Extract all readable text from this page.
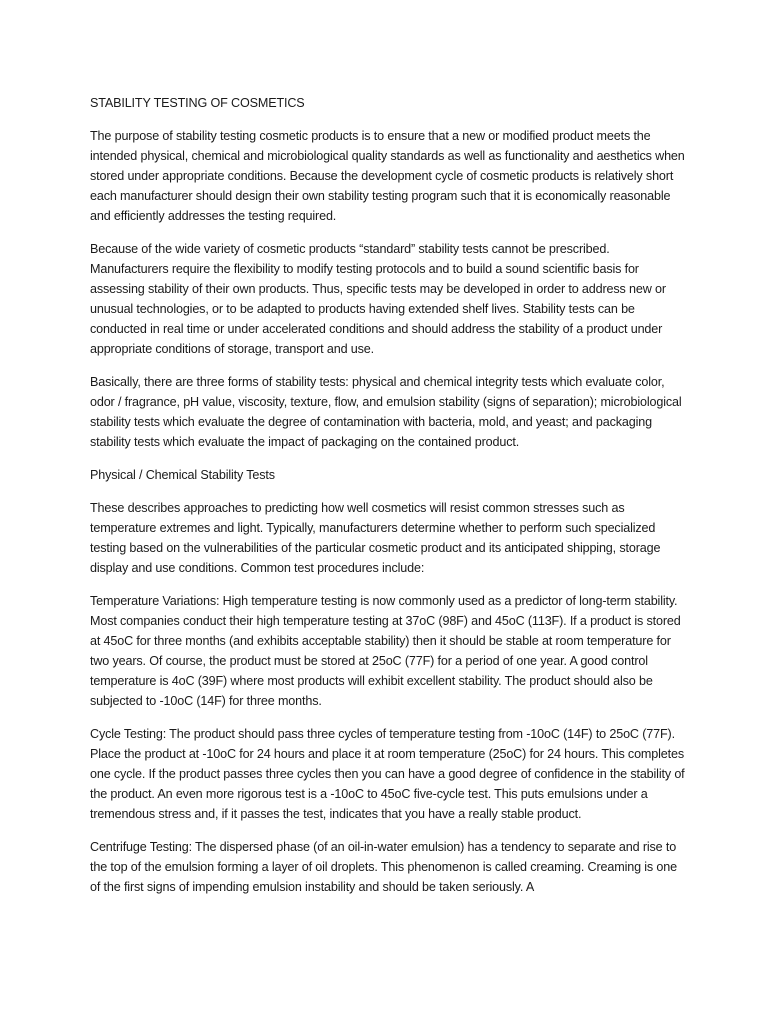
STABILITY TESTING OF COSMETICS

The purpose of stability testing cosmetic products is to ensure that a new or modified product meets the intended physical, chemical and microbiological quality standards as well as functionality and aesthetics when stored under appropriate conditions. Because the development cycle of cosmetic products is relatively short each manufacturer should design their own stability testing program such that it is economically reasonable and efficiently addresses the testing required.

Because of the wide variety of cosmetic products “standard” stability tests cannot be prescribed. Manufacturers require the flexibility to modify testing protocols and to build a sound scientific basis for assessing stability of their own products. Thus, specific tests may be developed in order to address new or unusual technologies, or to be adapted to products having extended shelf lives. Stability tests can be conducted in real time or under accelerated conditions and should address the stability of a product under appropriate conditions of storage, transport and use.

Basically, there are three forms of stability tests: physical and chemical integrity tests which evaluate color, odor / fragrance, pH value, viscosity, texture, flow, and emulsion stability (signs of separation); microbiological stability tests which evaluate the degree of contamination with bacteria, mold, and yeast; and packaging stability tests which evaluate the impact of packaging on the contained product.

Physical / Chemical Stability Tests

These describes approaches to predicting how well cosmetics will resist common stresses such as temperature extremes and light. Typically, manufacturers determine whether to perform such specialized testing based on the vulnerabilities of the particular cosmetic product and its anticipated shipping, storage display and use conditions. Common test procedures include:

Temperature Variations: High temperature testing is now commonly used as a predictor of long-term stability. Most companies conduct their high temperature testing at 37oC (98F) and 45oC (113F). If a product is stored at 45oC for three months (and exhibits acceptable stability) then it should be stable at room temperature for two years. Of course, the product must be stored at 25oC (77F) for a period of one year. A good control temperature is 4oC (39F) where most products will exhibit excellent stability. The product should also be subjected to -10oC (14F) for three months.

Cycle Testing: The product should pass three cycles of temperature testing from -10oC (14F) to 25oC (77F). Place the product at -10oC for 24 hours and place it at room temperature (25oC) for 24 hours. This completes one cycle. If the product passes three cycles then you can have a good degree of confidence in the stability of the product. An even more rigorous test is a -10oC to 45oC five-cycle test. This puts emulsions under a tremendous stress and, if it passes the test, indicates that you have a really stable product.

Centrifuge Testing: The dispersed phase (of an oil-in-water emulsion) has a tendency to separate and rise to the top of the emulsion forming a layer of oil droplets. This phenomenon is called creaming. Creaming is one of the first signs of impending emulsion instability and should be taken seriously. A
